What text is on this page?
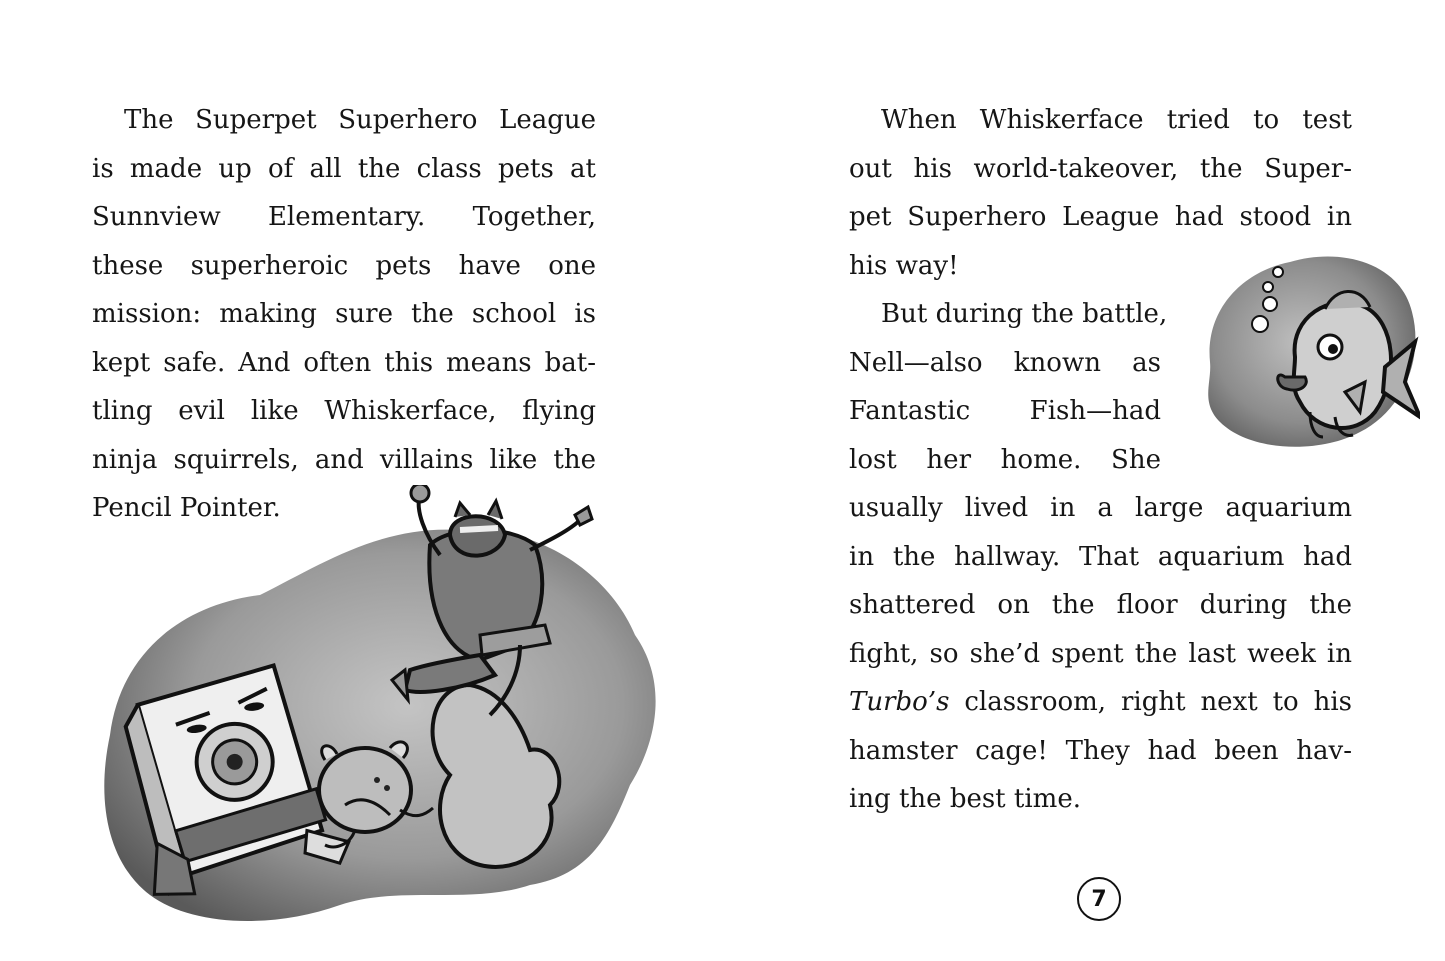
The Superpet Superhero League
is made up of all the class pets at
Sunnview Elementary. Together,
these superheroic pets have one
mission: making sure the school is
kept safe. And often this means bat-
tling evil like Whiskerface, flying
ninja squirrels, and villains like the
Pencil Pointer.
When Whiskerface tried to test
out his world-takeover, the Super-
pet Superhero League had stood in
his way!
But during the battle,
Nell—also known as
Fantastic Fish—had
lost her home. She
usually lived in a large aquarium
in the hallway. That aquarium had
shattered on the floor during the
fight, so she’d spent the last week in
Turbo’s classroom, right next to his
hamster cage! They had been hav-
ing the best time.
7
